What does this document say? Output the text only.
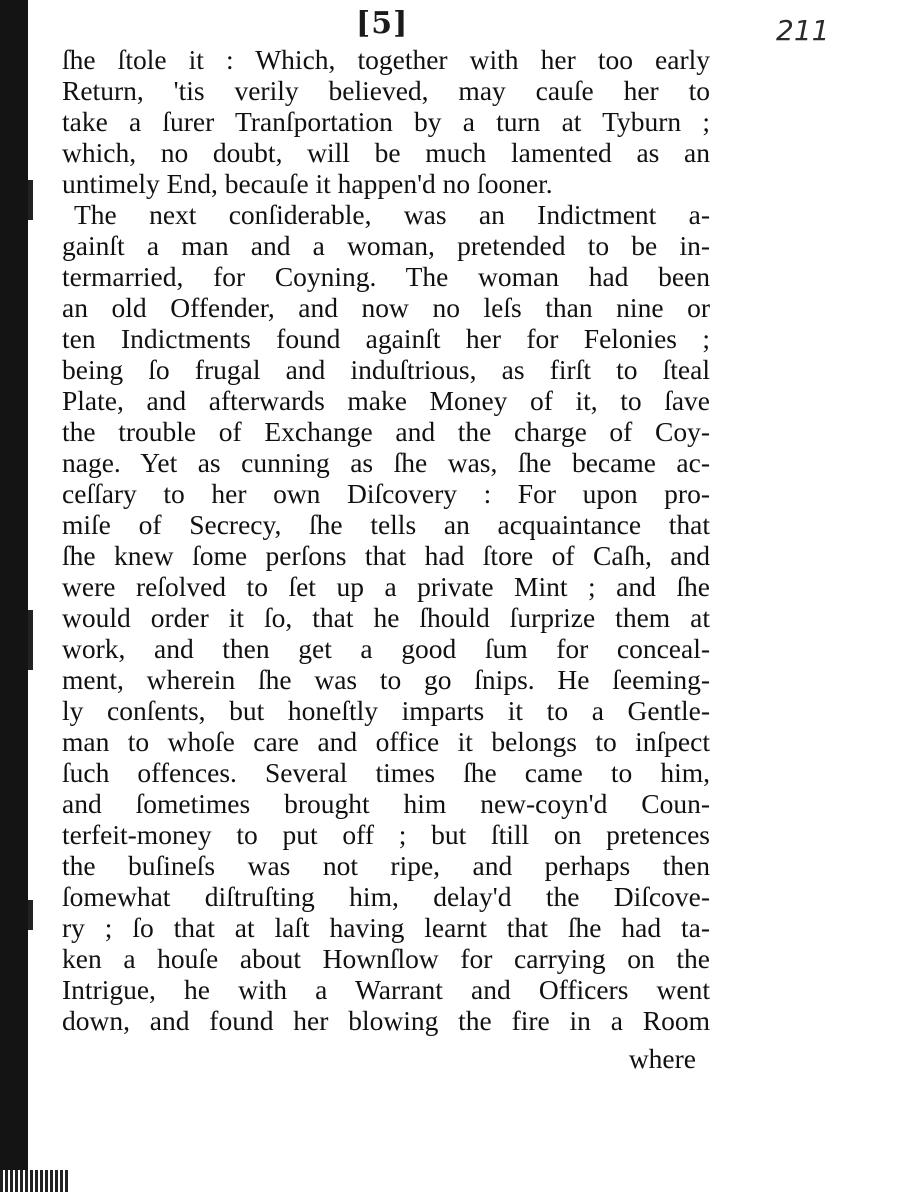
[5]	211
ſhe ſtole it : Which, together with her too early
Return, 'tis verily believed, may cauſe her to
take a ſurer Tranſportation by a turn at Tyburn ;
which, no doubt, will be much lamented as an
untimely End, becauſe it happen'd no ſooner.
The next conſiderable, was an Indictment a-
gainſt a man and a woman, pretended to be in-
termarried, for Coyning. The woman had been
an old Offender, and now no leſs than nine or
ten Indictments found againſt her for Felonies ;
being ſo frugal and induſtrious, as firſt to ſteal
Plate, and afterwards make Money of it, to ſave
the trouble of Exchange and the charge of Coy-
nage. Yet as cunning as ſhe was, ſhe became ac-
ceſſary to her own Diſcovery : For upon pro-
miſe of Secrecy, ſhe tells an acquaintance that
ſhe knew ſome perſons that had ſtore of Caſh, and
were reſolved to ſet up a private Mint ; and ſhe
would order it ſo, that he ſhould ſurprize them at
work, and then get a good ſum for conceal-
ment, wherein ſhe was to go ſnips. He ſeeming-
ly conſents, but honeſtly imparts it to a Gentle-
man to whoſe care and office it belongs to inſpect
ſuch offences. Several times ſhe came to him,
and ſometimes brought him new-coyn'd Coun-
terfeit-money to put off ; but ſtill on pretences
the buſineſs was not ripe, and perhaps then
ſomewhat diſtruſting him, delay'd the Diſcove-
ry ; ſo that at laſt having learnt that ſhe had ta-
ken a houſe about Hownſlow for carrying on the
Intrigue, he with a Warrant and Officers went
down, and found her blowing the fire in a Room
where
